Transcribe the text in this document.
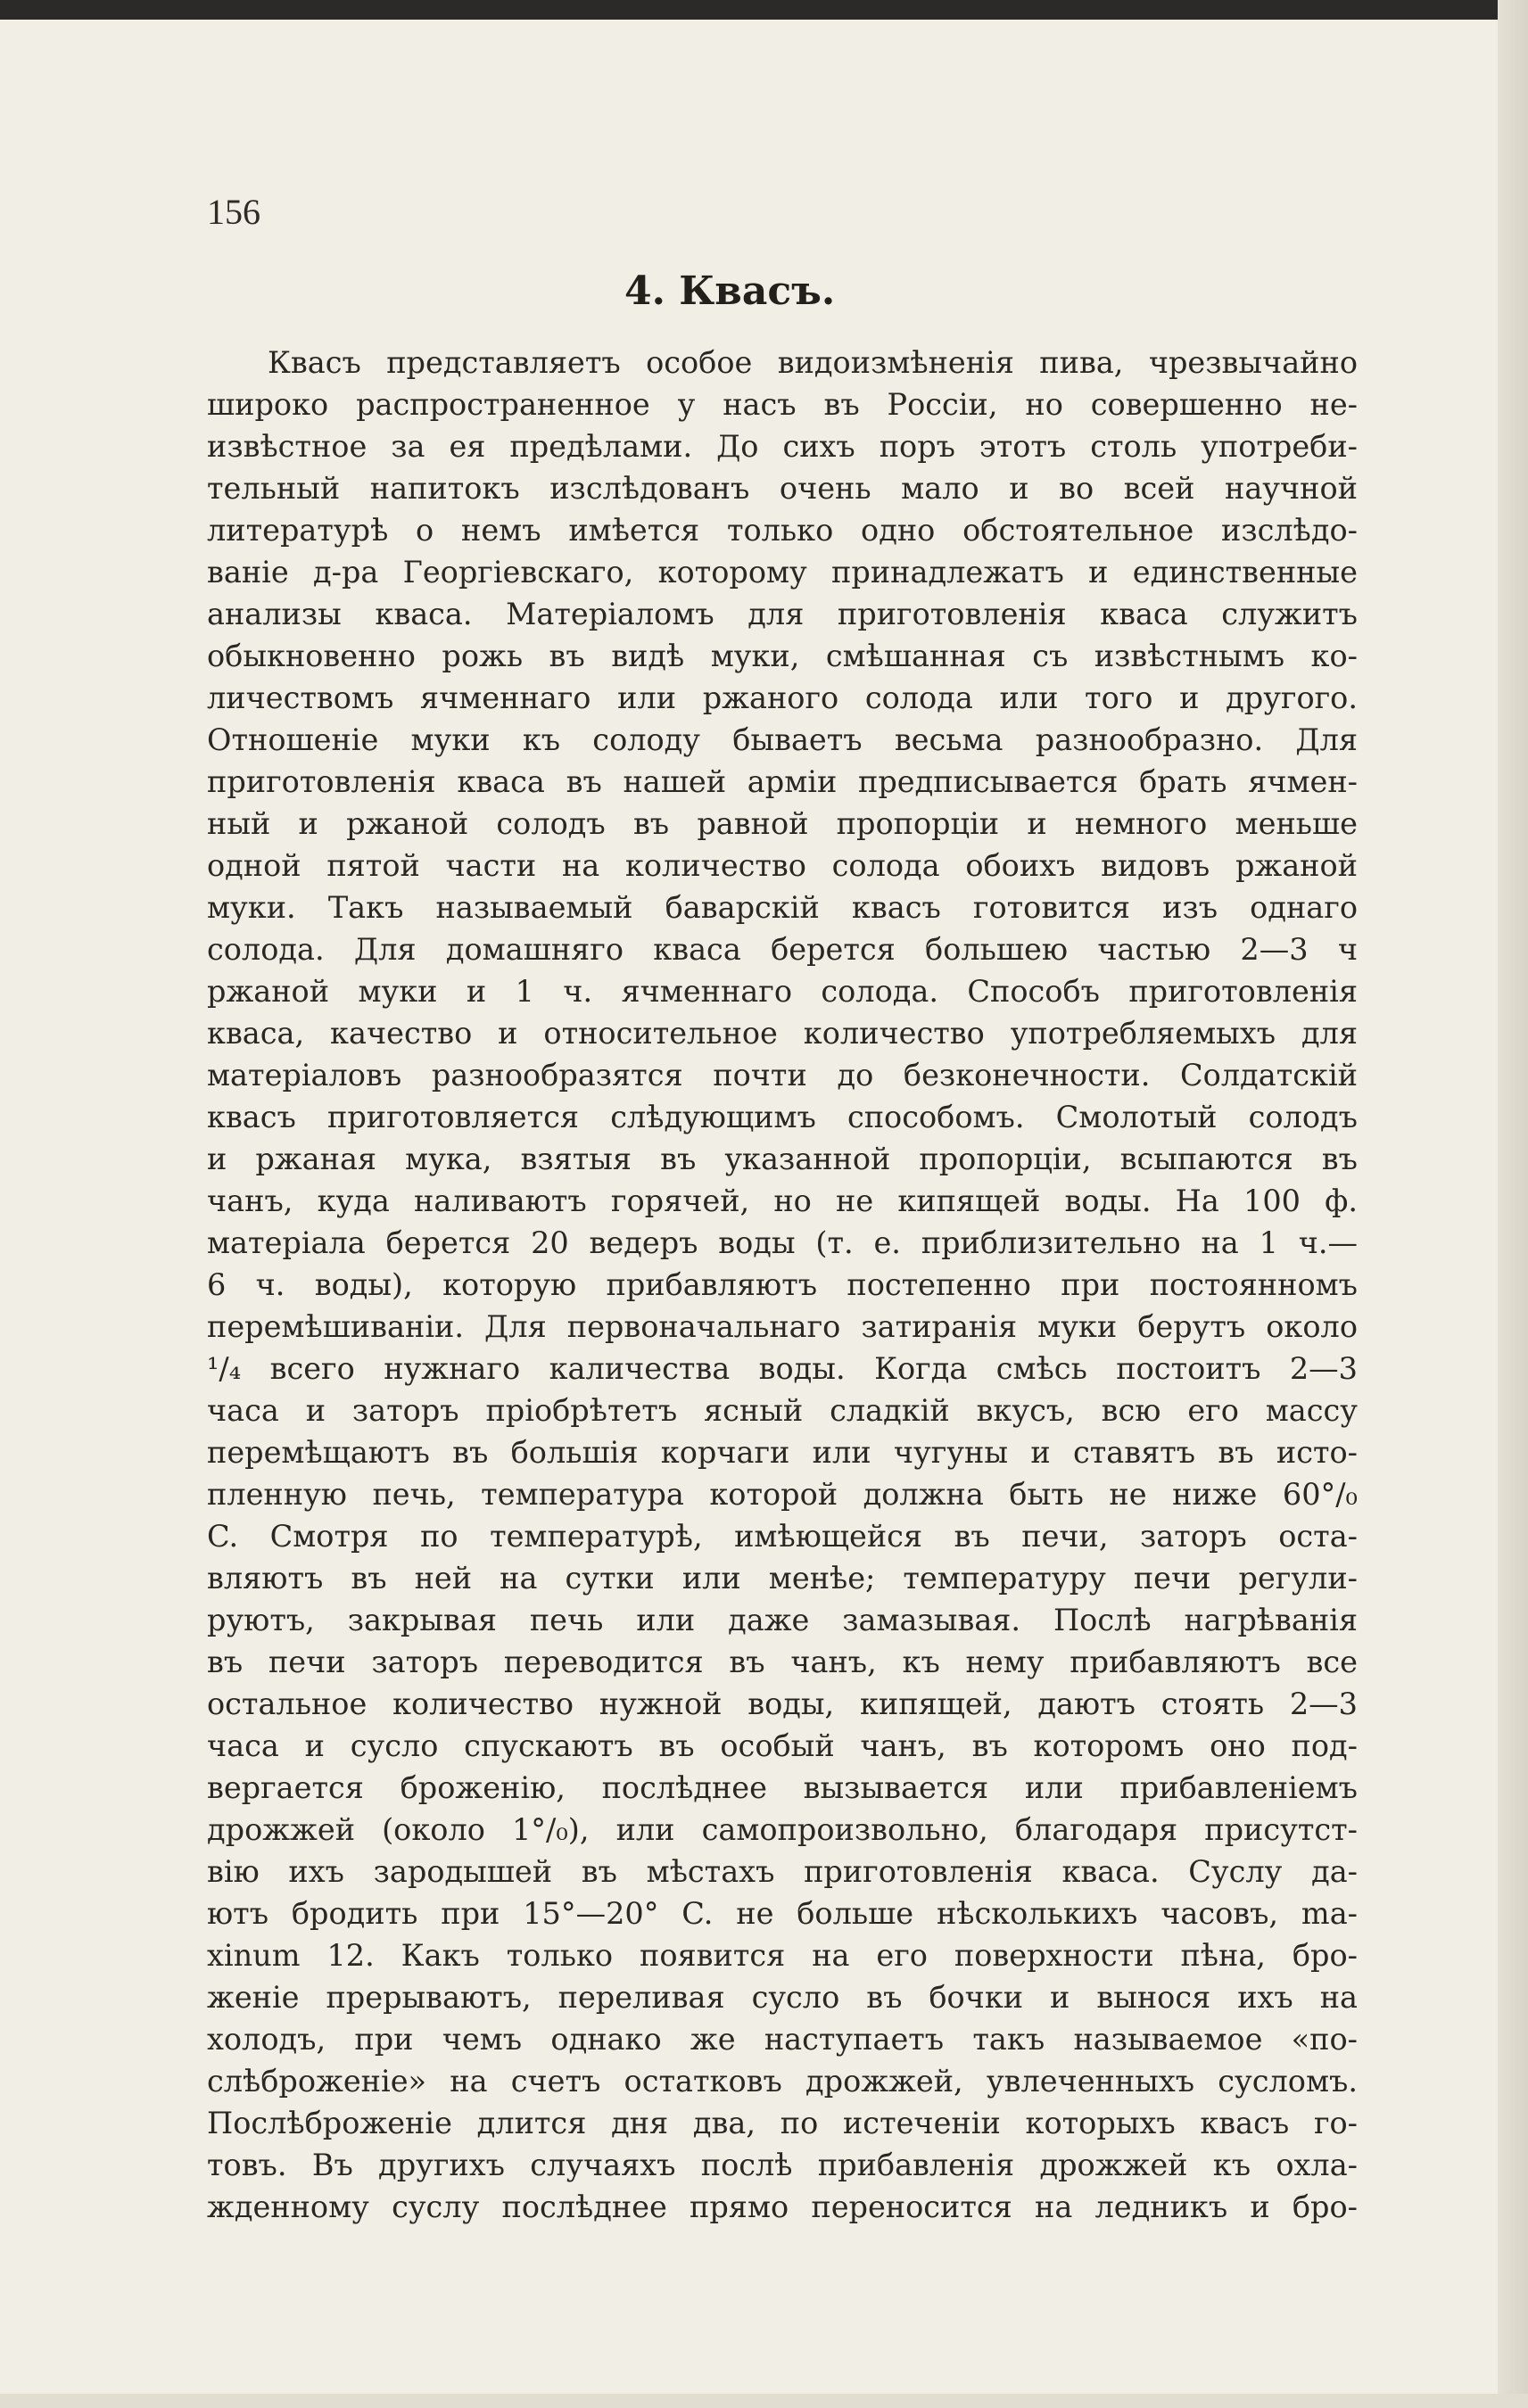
156
4. Квасъ.
Квасъ представляетъ особое видоизмѣненія пива, чрезвычайно
широко распространенное у насъ въ Россіи, но совершенно не-
извѣстное за ея предѣлами. До сихъ поръ этотъ столь употреби-
тельный напитокъ изслѣдованъ очень мало и во всей научной
литературѣ о немъ имѣется только одно обстоятельное изслѣдо-
ваніе д-ра Георгіевскаго, которому принадлежатъ и единственные
анализы кваса. Матеріаломъ для приготовленія кваса служитъ
обыкновенно рожь въ видѣ муки, смѣшанная съ извѣстнымъ ко-
личествомъ ячменнаго или ржаного солода или того и другого.
Отношеніе муки къ солоду бываетъ весьма разнообразно. Для
приготовленія кваса въ нашей арміи предписывается брать ячмен-
ный и ржаной солодъ въ равной пропорціи и немного меньше
одной пятой части на количество солода обоихъ видовъ ржаной
муки. Такъ называемый баварскій квасъ готовится изъ однаго
солода. Для домашняго кваса берется большею частью 2—3 ч
ржаной муки и 1 ч. ячменнаго солода. Способъ приготовленія
кваса, качество и относительное количество употребляемыхъ для
матеріаловъ разнообразятся почти до безконечности. Солдатскій
квасъ приготовляется слѣдующимъ способомъ. Смолотый солодъ
и ржаная мука, взятыя въ указанной пропорціи, всыпаются въ
чанъ, куда наливаютъ горячей, но не кипящей воды. На 100 ф.
матеріала берется 20 ведеръ воды (т. е. приблизительно на 1 ч.—
6 ч. воды), которую прибавляютъ постепенно при постоянномъ
перемѣшиваніи. Для первоначальнаго затиранія муки берутъ около
¹/₄ всего нужнаго каличества воды. Когда смѣсь постоитъ 2—3
часа и заторъ пріобрѣтетъ ясный сладкій вкусъ, всю его массу
перемѣщаютъ въ большія корчаги или чугуны и ставятъ въ исто-
пленную печь, температура которой должна быть не ниже 60°/₀
C. Смотря по температурѣ, имѣющейся въ печи, заторъ оста-
вляютъ въ ней на сутки или менѣе; температуру печи регули-
руютъ, закрывая печь или даже замазывая. Послѣ нагрѣванія
въ печи заторъ переводится въ чанъ, къ нему прибавляютъ все
остальное количество нужной воды, кипящей, даютъ стоять 2—3
часа и сусло спускаютъ въ особый чанъ, въ которомъ оно под-
вергается броженію, послѣднее вызывается или прибавленіемъ
дрожжей (около 1°/₀), или самопроизвольно, благодаря присутст-
вію ихъ зародышей въ мѣстахъ приготовленія кваса. Суслу да-
ютъ бродить при 15°—20° C. не больше нѣсколькихъ часовъ, ma-
xinum 12. Какъ только появится на его поверхности пѣна, бро-
женіе прерываютъ, переливая сусло въ бочки и вынося ихъ на
холодъ, при чемъ однако же наступаетъ такъ называемое «по-
слѣброженіе» на счетъ остатковъ дрожжей, увлеченныхъ сусломъ.
Послѣброженіе длится дня два, по истеченіи которыхъ квасъ го-
товъ. Въ другихъ случаяхъ послѣ прибавленія дрожжей къ охла-
жденному суслу послѣднее прямо переносится на ледникъ и бро-
